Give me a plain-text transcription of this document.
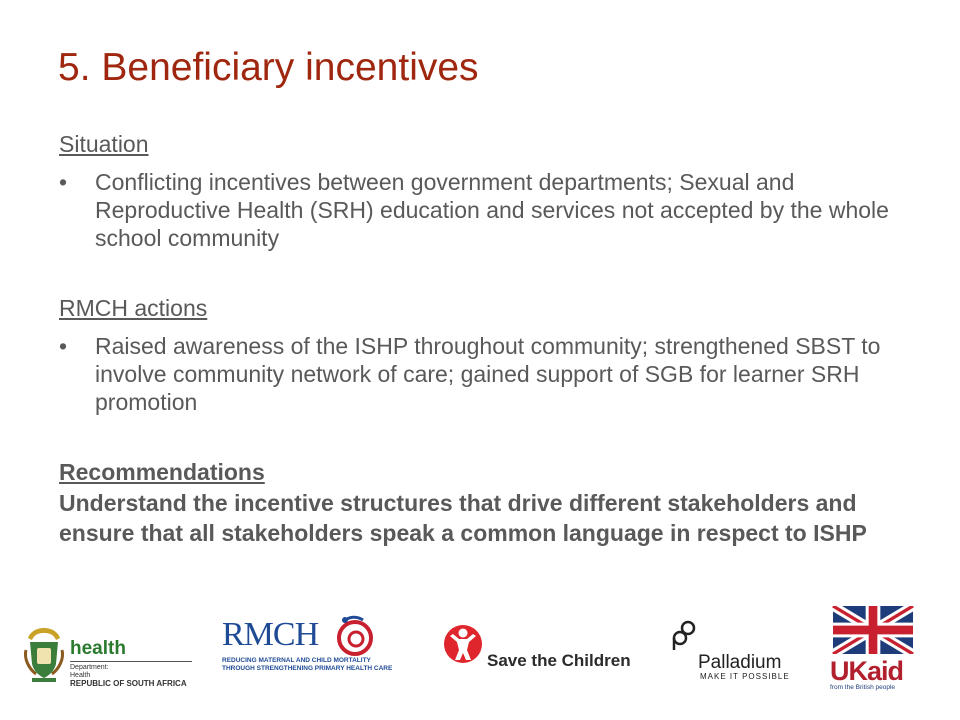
5. Beneficiary incentives

Situation

• Conflicting incentives between government departments; Sexual and Reproductive Health (SRH) education and services not accepted by the whole school community

RMCH actions

• Raised awareness of the ISHP throughout community; strengthened SBST to involve community network of care; gained support of SGB for learner SRH promotion

Recommendations

Understand the incentive structures that drive different stakeholders and ensure that all stakeholders speak a common language in respect to ISHP

health
Department:
Health
REPUBLIC OF SOUTH AFRICA
RMCH
REDUCING MATERNAL AND CHILD MORTALITY
THROUGH STRENGTHENING PRIMARY HEALTH CARE	Save the Children	Palladium
MAKE IT POSSIBLE UKaid
from the British people
